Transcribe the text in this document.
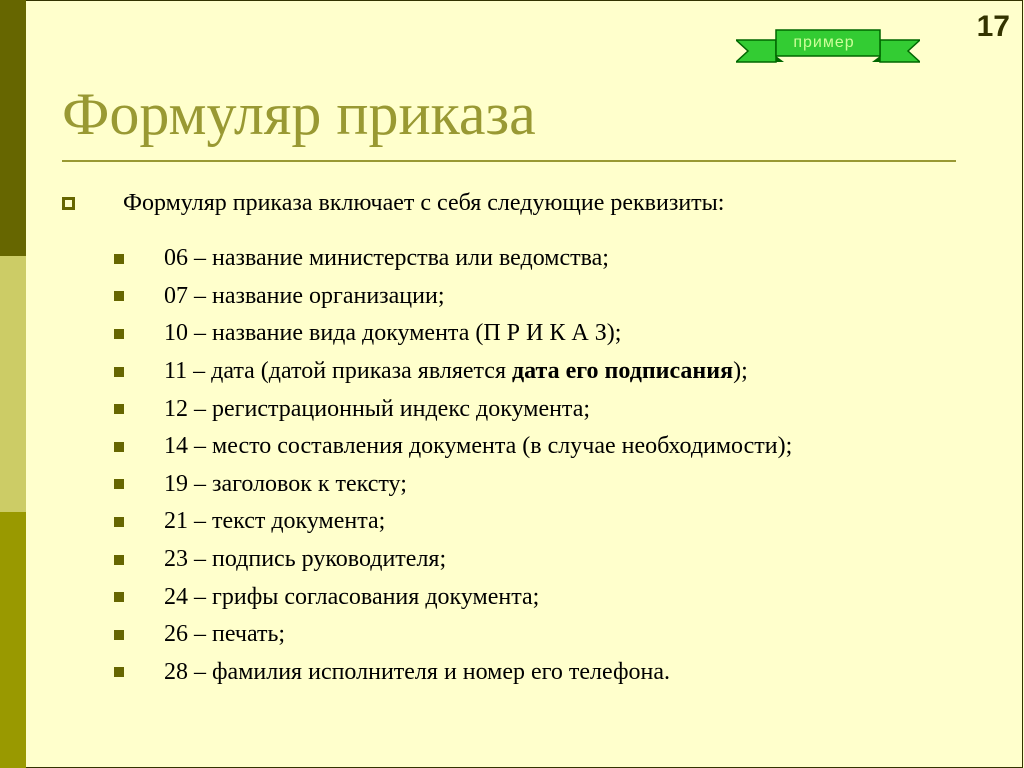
17
пример
Формуляр приказа
Формуляр приказа включает с себя следующие реквизиты:
06 – название министерства или ведомства;
07 – название организации;
10 – название вида документа (П Р И К А З);
11 – дата (датой приказа является дата его подписания);
12 – регистрационный индекс документа;
14 – место составления документа (в случае необходимости);
19 – заголовок к тексту;
21 – текст документа;
23 – подпись руководителя;
24 – грифы согласования документа;
26 – печать;
28 – фамилия исполнителя и номер его телефона.
